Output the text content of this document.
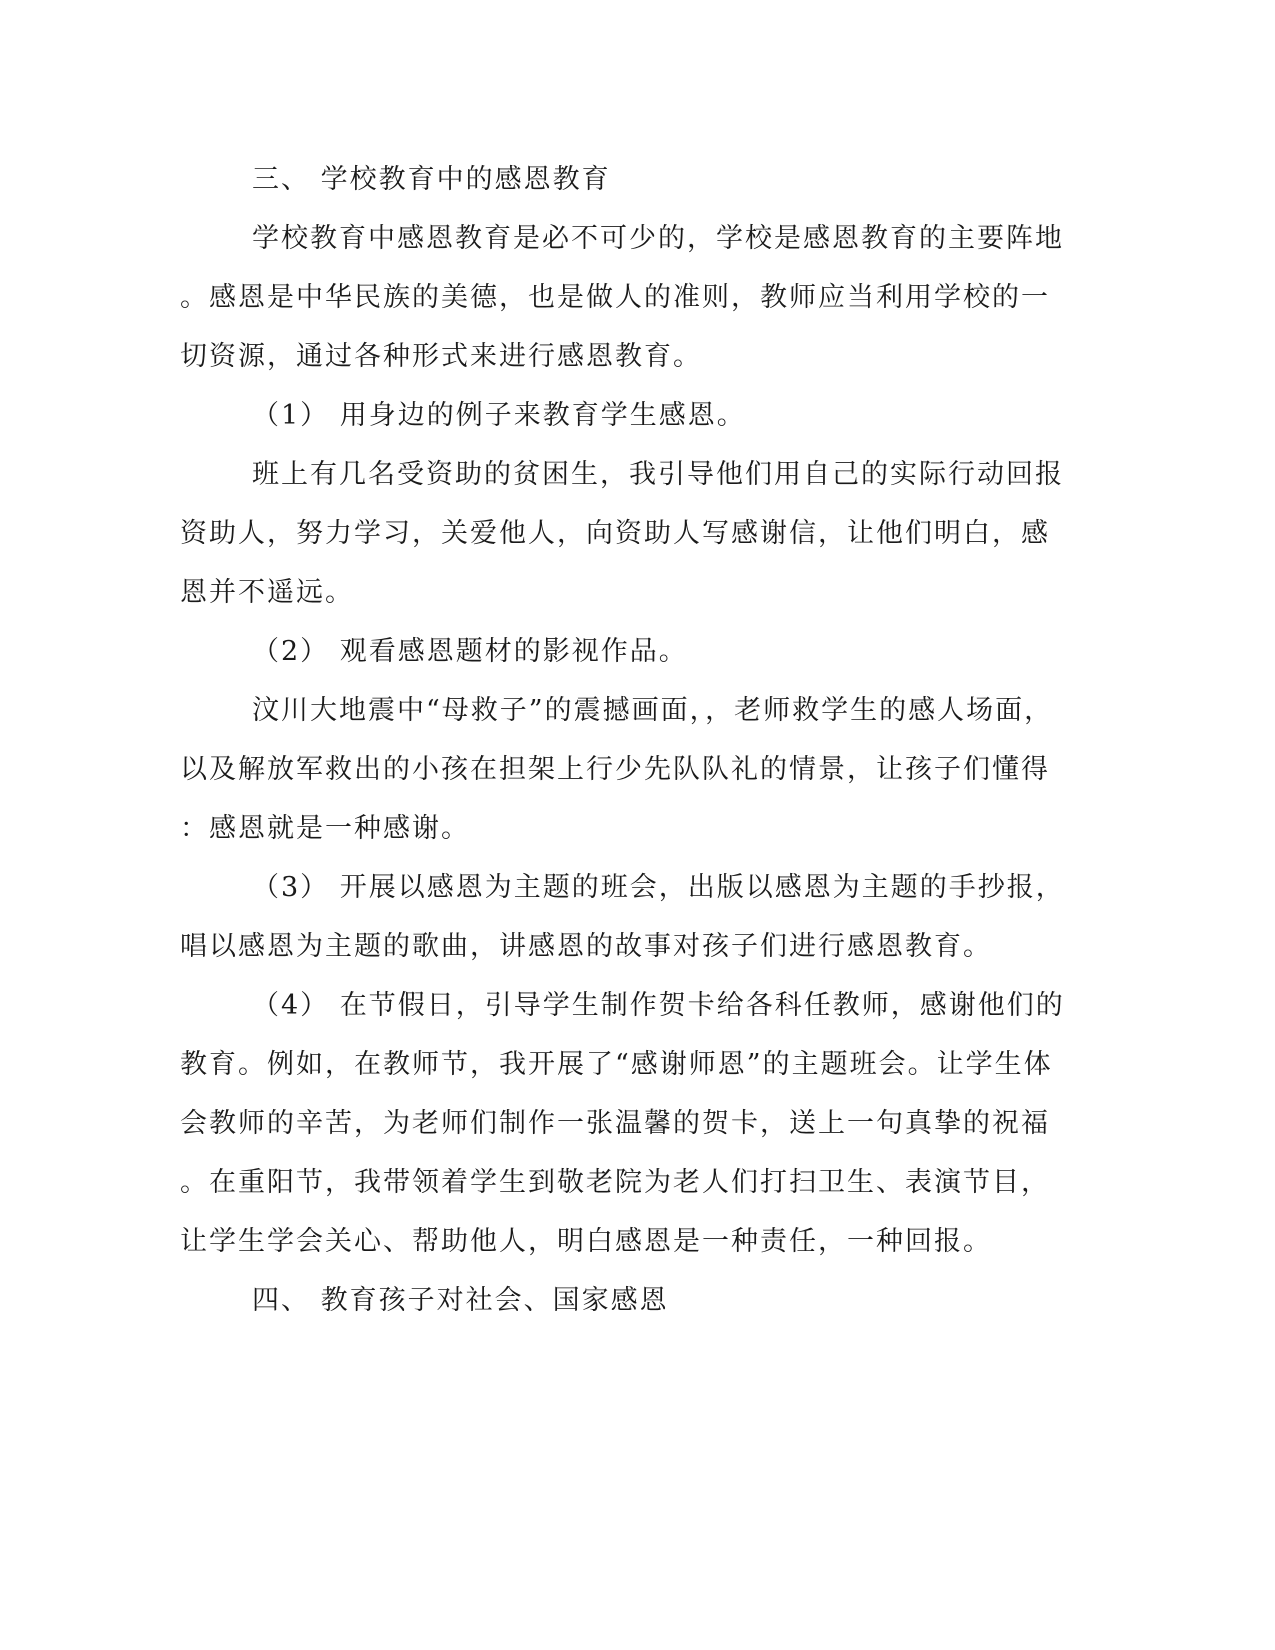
三、 学校教育中的感恩教育
学校教育中感恩教育是必不可少的，学校是感恩教育的主要阵地
。感恩是中华民族的美德，也是做人的准则，教师应当利用学校的一
切资源，通过各种形式来进行感恩教育。
（1） 用身边的例子来教育学生感恩。
班上有几名受资助的贫困生，我引导他们用自己的实际行动回报
资助人，努力学习，关爱他人，向资助人写感谢信，让他们明白，感
恩并不遥远。
（2） 观看感恩题材的影视作品。
汶川大地震中“母救子”的震撼画面，，老师救学生的感人场面，
以及解放军救出的小孩在担架上行少先队队礼的情景，让孩子们懂得
：感恩就是一种感谢。
（3） 开展以感恩为主题的班会，出版以感恩为主题的手抄报，
唱以感恩为主题的歌曲，讲感恩的故事对孩子们进行感恩教育。
（4） 在节假日，引导学生制作贺卡给各科任教师，感谢他们的
教育。例如，在教师节，我开展了“感谢师恩”的主题班会。让学生体
会教师的辛苦，为老师们制作一张温馨的贺卡，送上一句真挚的祝福
。在重阳节，我带领着学生到敬老院为老人们打扫卫生、表演节目，
让学生学会关心、帮助他人，明白感恩是一种责任，一种回报。
四、 教育孩子对社会、国家感恩
